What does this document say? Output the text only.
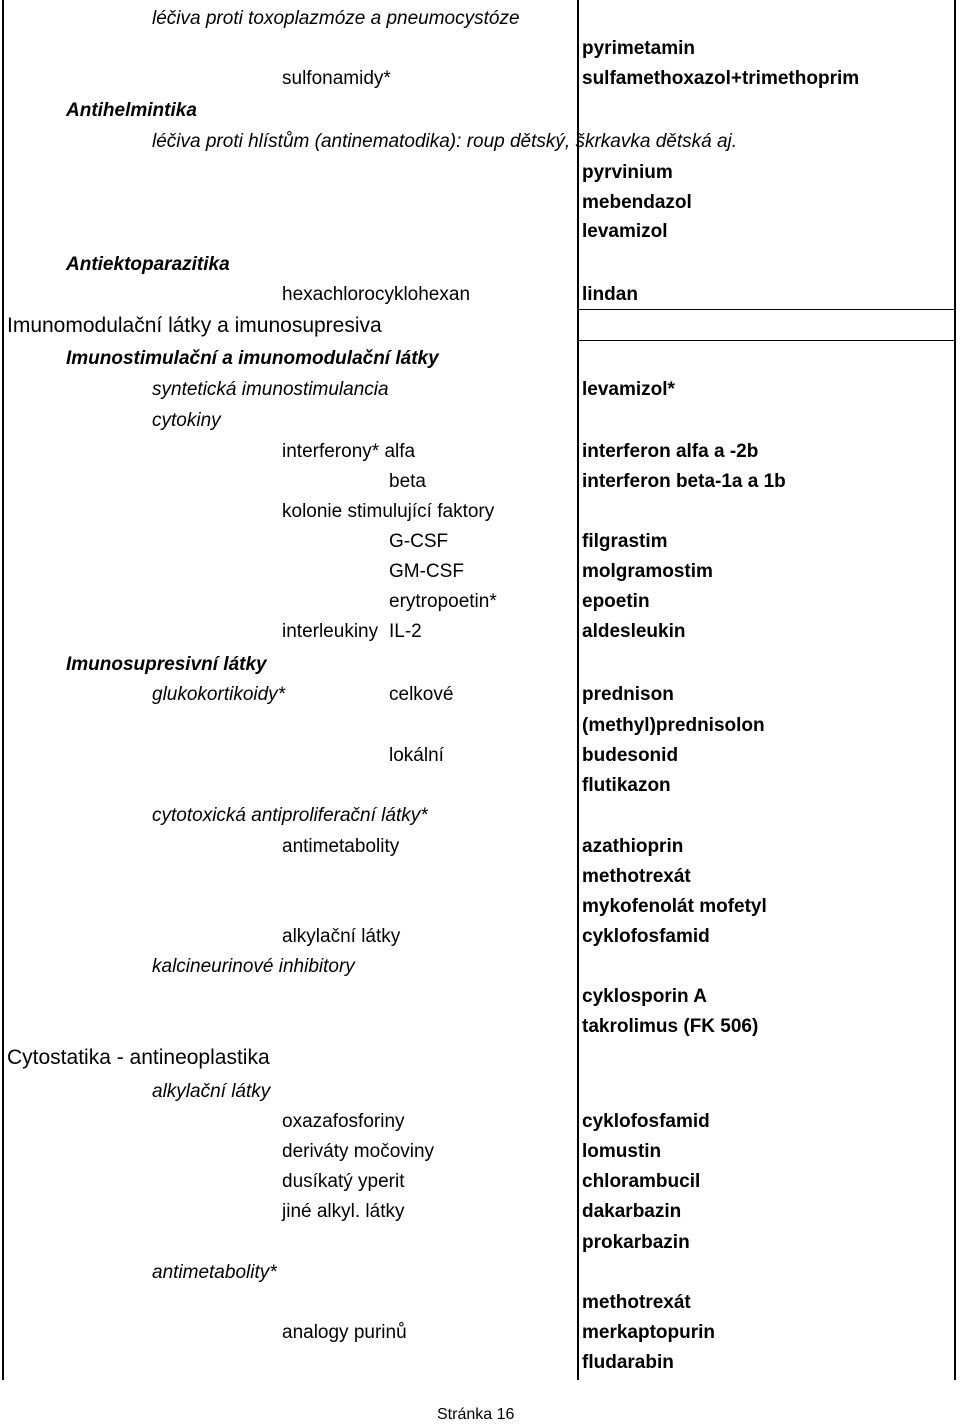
léčiva proti toxoplazmóze a pneumocystóze
pyrimetamin
sulfonamidy*	sulfamethoxazol+trimethoprim
Antihelmintika
léčiva proti hlístům (antinematodika): roup dětský, škrkavka dětská aj.
pyrvinium
mebendazol
levamizol
Antiektoparazitika
hexachlorocyklohexan	lindan
Imunomodulační látky a imunosupresiva
Imunostimulační a imunomodulační látky
syntetická imunostimulancia	levamizol*
cytokiny
interferony* alfa	interferon alfa a -2b
beta	interferon beta-1a a 1b
kolonie stimulující faktory
G-CSF	filgrastim
GM-CSF	molgramostim
erytropoetin*	epoetin
interleukiny IL-2	aldesleukin
Imunosupresivní látky
glukokortikoidy*	celkové	prednison
(methyl)prednisolon
lokální	budesonid
flutikazon
cytotoxická antiproliferační látky*
antimetabolity	azathioprin
methotrexát
mykofenolát mofetyl
alkylační látky	cyklofosfamid
kalcineurinové inhibitory
cyklosporin A
takrolimus (FK 506)
Cytostatika - antineoplastika
alkylační látky
oxazafosforiny	cyklofosfamid
deriváty močoviny	lomustin
dusíkatý yperit	chlorambucil
jiné alkyl. látky	dakarbazin
prokarbazin
antimetabolity*
methotrexát
analogy purinů	merkaptopurin
fludarabin
Stránka 16
